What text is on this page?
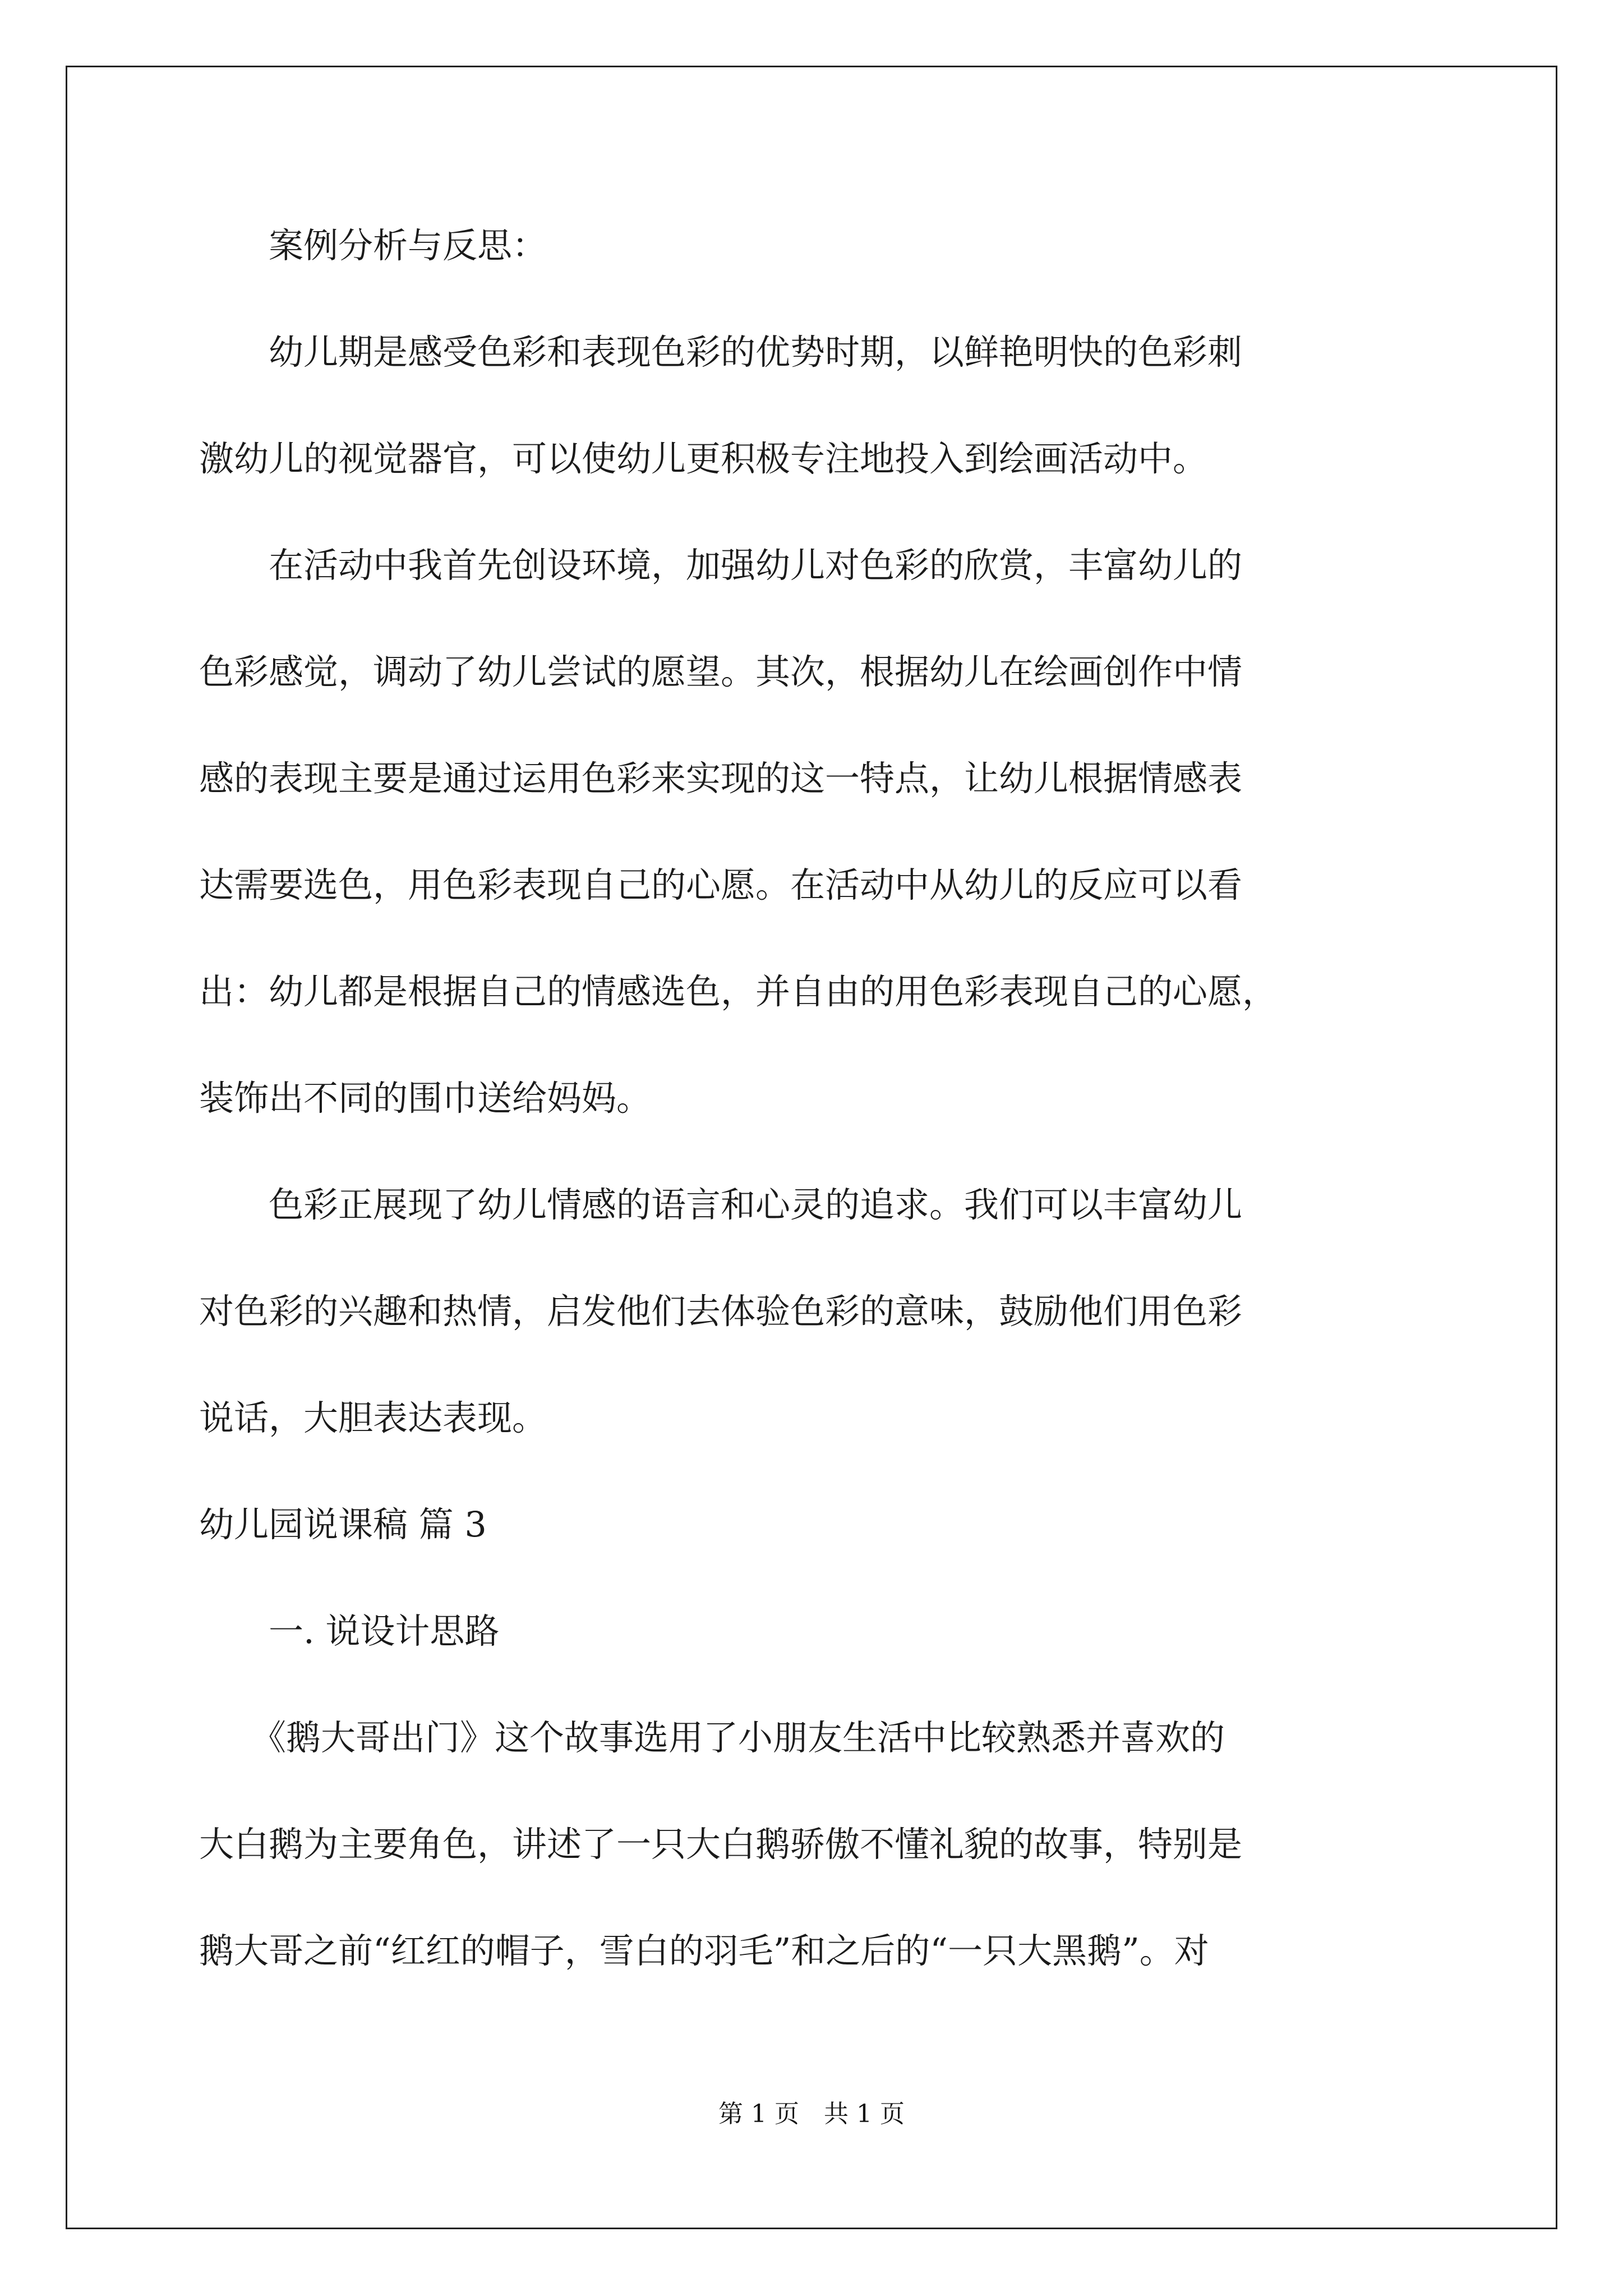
　　案例分析与反思：
　　幼儿期是感受色彩和表现色彩的优势时期，以鲜艳明快的色彩刺
激幼儿的视觉器官，可以使幼儿更积极专注地投入到绘画活动中。
　　在活动中我首先创设环境，加强幼儿对色彩的欣赏，丰富幼儿的
色彩感觉，调动了幼儿尝试的愿望。其次，根据幼儿在绘画创作中情
感的表现主要是通过运用色彩来实现的这一特点，让幼儿根据情感表
达需要选色，用色彩表现自己的心愿。在活动中从幼儿的反应可以看
出：幼儿都是根据自己的情感选色，并自由的用色彩表现自己的心愿，
装饰出不同的围巾送给妈妈。
　　色彩正展现了幼儿情感的语言和心灵的追求。我们可以丰富幼儿
对色彩的兴趣和热情，启发他们去体验色彩的意味，鼓励他们用色彩
说话，大胆表达表现。
幼儿园说课稿 篇 3
　　一. 说设计思路
　　《鹅大哥出门》这个故事选用了小朋友生活中比较熟悉并喜欢的
大白鹅为主要角色，讲述了一只大白鹅骄傲不懂礼貌的故事，特别是
鹅大哥之前“红红的帽子，雪白的羽毛”和之后的“一只大黑鹅”。对
第 1 页　共 1 页
